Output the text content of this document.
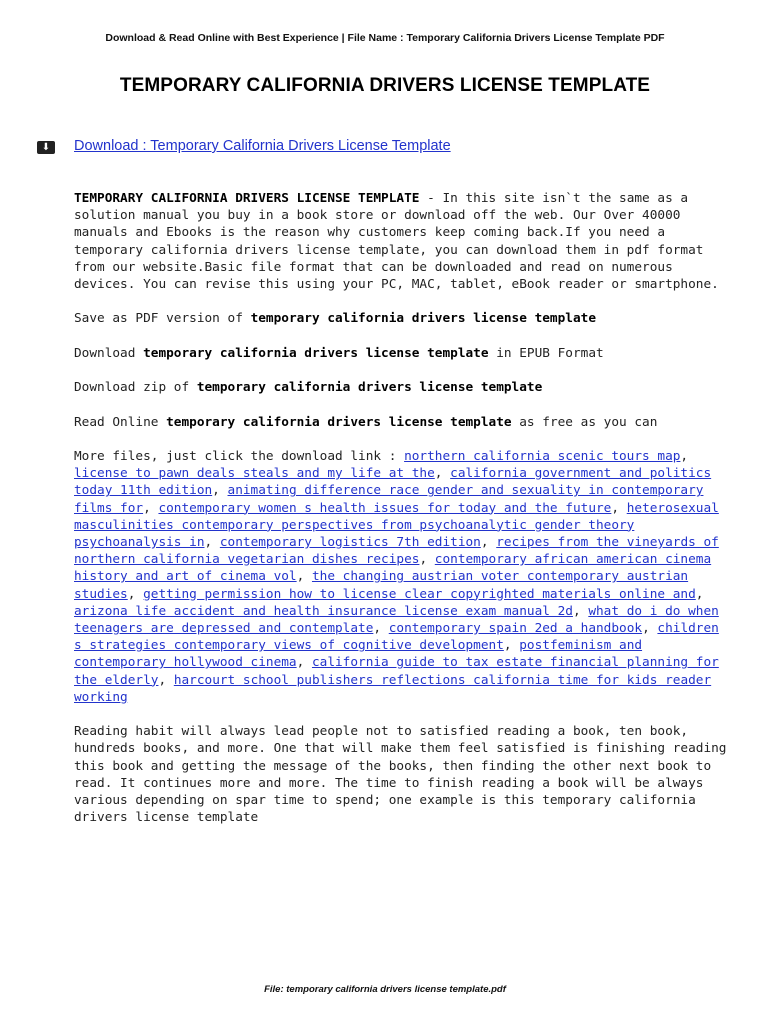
Download & Read Online with Best Experience | File Name : Temporary California Drivers License Template PDF
TEMPORARY CALIFORNIA DRIVERS LICENSE TEMPLATE
⬇	Download : Temporary California Drivers License Template

TEMPORARY CALIFORNIA DRIVERS LICENSE TEMPLATE - In this site isn`t the same as a solution manual you buy in a book store or download off the web. Our Over 40000 manuals and Ebooks is the reason why customers keep coming back.If you need a temporary california drivers license template, you can download them in pdf format from our website.Basic file format that can be downloaded and read on numerous devices. You can revise this using your PC, MAC, tablet, eBook reader or smartphone.

Save as PDF version of temporary california drivers license template

Download temporary california drivers license template in EPUB Format

Download zip of temporary california drivers license template

Read Online temporary california drivers license template as free as you can

More files, just click the download link : northern california scenic tours map, license to pawn deals steals and my life at the, california government and politics today 11th edition, animating difference race gender and sexuality in contemporary films for, contemporary women s health issues for today and the future, heterosexual masculinities contemporary perspectives from psychoanalytic gender theory psychoanalysis in, contemporary logistics 7th edition, recipes from the vineyards of northern california vegetarian dishes recipes, contemporary african american cinema history and art of cinema vol, the changing austrian voter contemporary austrian studies, getting permission how to license clear copyrighted materials online and, arizona life accident and health insurance license exam manual 2d, what do i do when teenagers are depressed and contemplate, contemporary spain 2ed a handbook, children s strategies contemporary views of cognitive development, postfeminism and contemporary hollywood cinema, california guide to tax estate financial planning for the elderly, harcourt school publishers reflections california time for kids reader working

Reading habit will always lead people not to satisfied reading a book, ten book, hundreds books, and more. One that will make them feel satisfied is finishing reading this book and getting the message of the books, then finding the other next book to read. It continues more and more. The time to finish reading a book will be always various depending on spar time to spend; one example is this temporary california drivers license template

File: temporary california drivers license template.pdf
